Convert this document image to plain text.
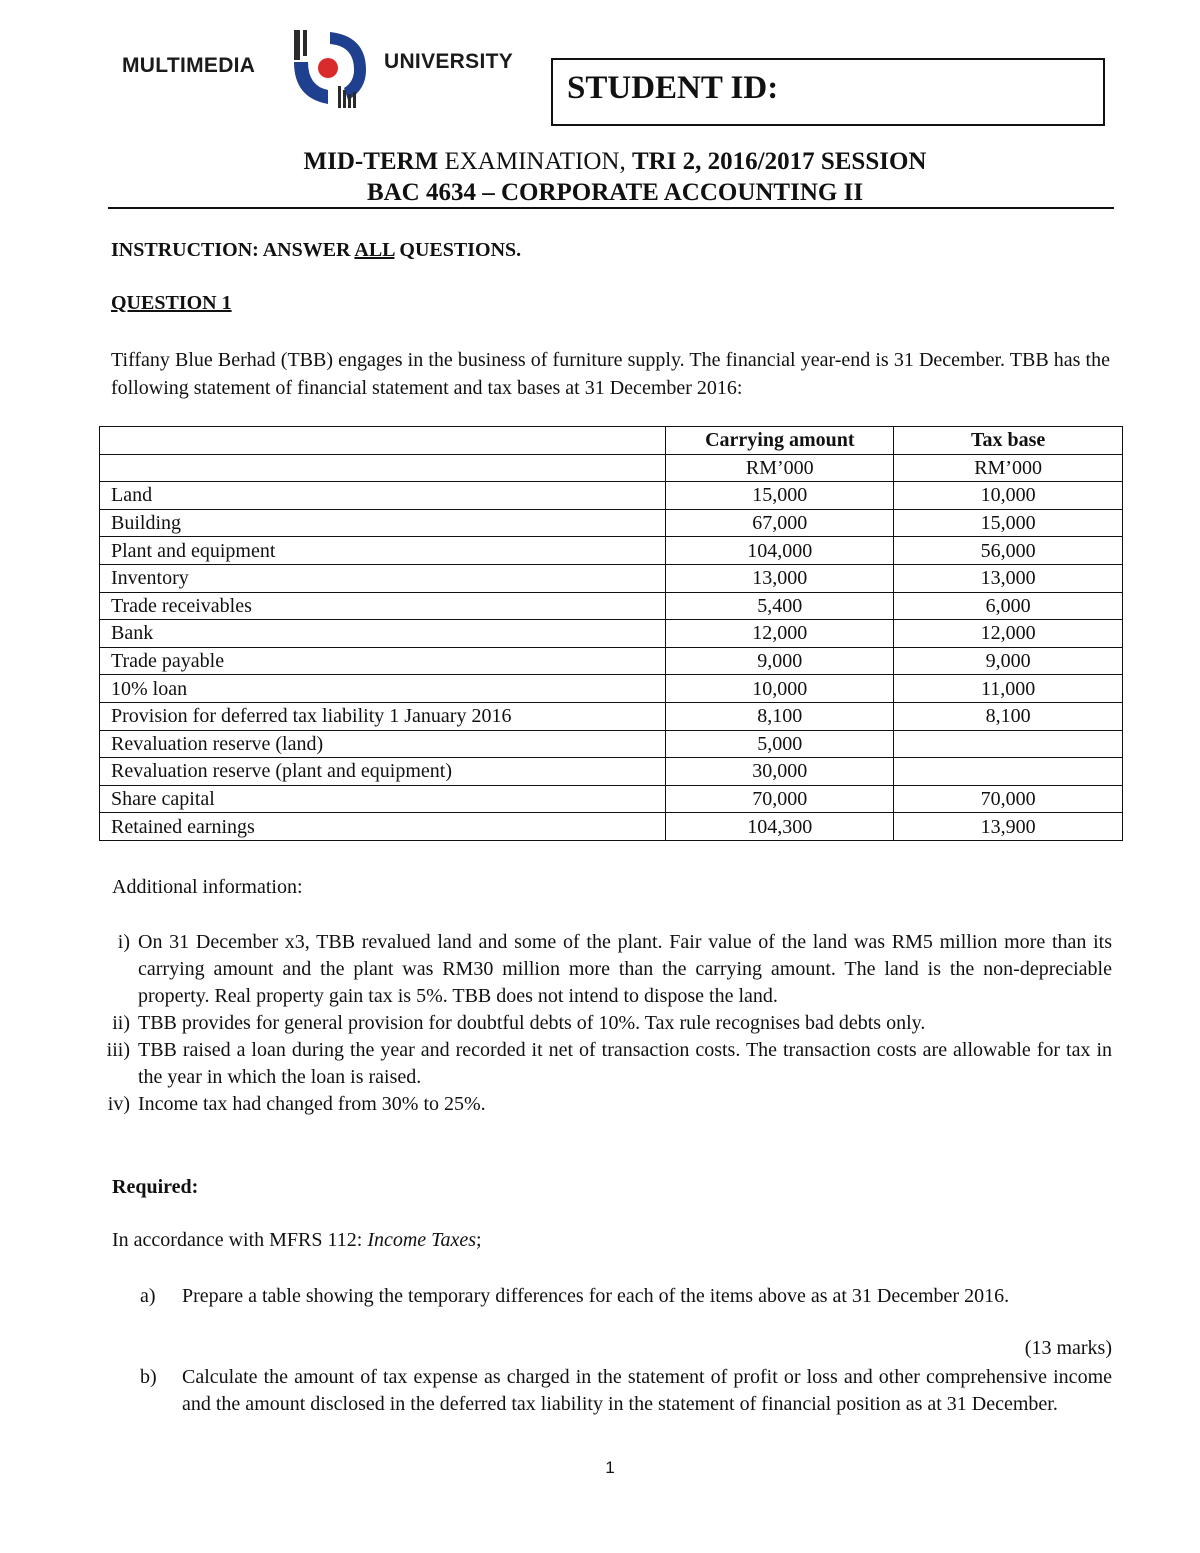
MULTIMEDIA	UNIVERSITY
STUDENT ID:
MID-TERM EXAMINATION, TRI 2, 2016/2017 SESSION
BAC 4634 – CORPORATE ACCOUNTING II
INSTRUCTION: ANSWER ALL QUESTIONS.
QUESTION 1
Tiffany Blue Berhad (TBB) engages in the business of furniture supply. The financial year-end is 31 December. TBB has the following statement of financial statement and tax bases at 31 December 2016:
	Carrying amount	Tax base
	RM’000	RM’000
Land	15,000	10,000
Building	67,000	15,000
Plant and equipment	104,000	56,000
Inventory	13,000	13,000
Trade receivables	5,400	6,000
Bank	12,000	12,000
Trade payable	9,000	9,000
10% loan	10,000	11,000
Provision for deferred tax liability 1 January 2016	8,100	8,100
Revaluation reserve (land)	5,000	
Revaluation reserve (plant and equipment)	30,000	
Share capital	70,000	70,000
Retained earnings	104,300	13,900
Additional information:
i) On 31 December x3, TBB revalued land and some of the plant. Fair value of the land was RM5 million more than its carrying amount and the plant was RM30 million more than the carrying amount. The land is the non-depreciable property. Real property gain tax is 5%. TBB does not intend to dispose the land.
ii) TBB provides for general provision for doubtful debts of 10%. Tax rule recognises bad debts only.
iii) TBB raised a loan during the year and recorded it net of transaction costs. The transaction costs are allowable for tax in the year in which the loan is raised.
iv) Income tax had changed from 30% to 25%.
Required:
In accordance with MFRS 112: Income Taxes;
a)	Prepare a table showing the temporary differences for each of the items above as at 31 December 2016.
(13 marks)
b)	Calculate the amount of tax expense as charged in the statement of profit or loss and other comprehensive income and the amount disclosed in the deferred tax liability in the statement of financial position as at 31 December.
1
